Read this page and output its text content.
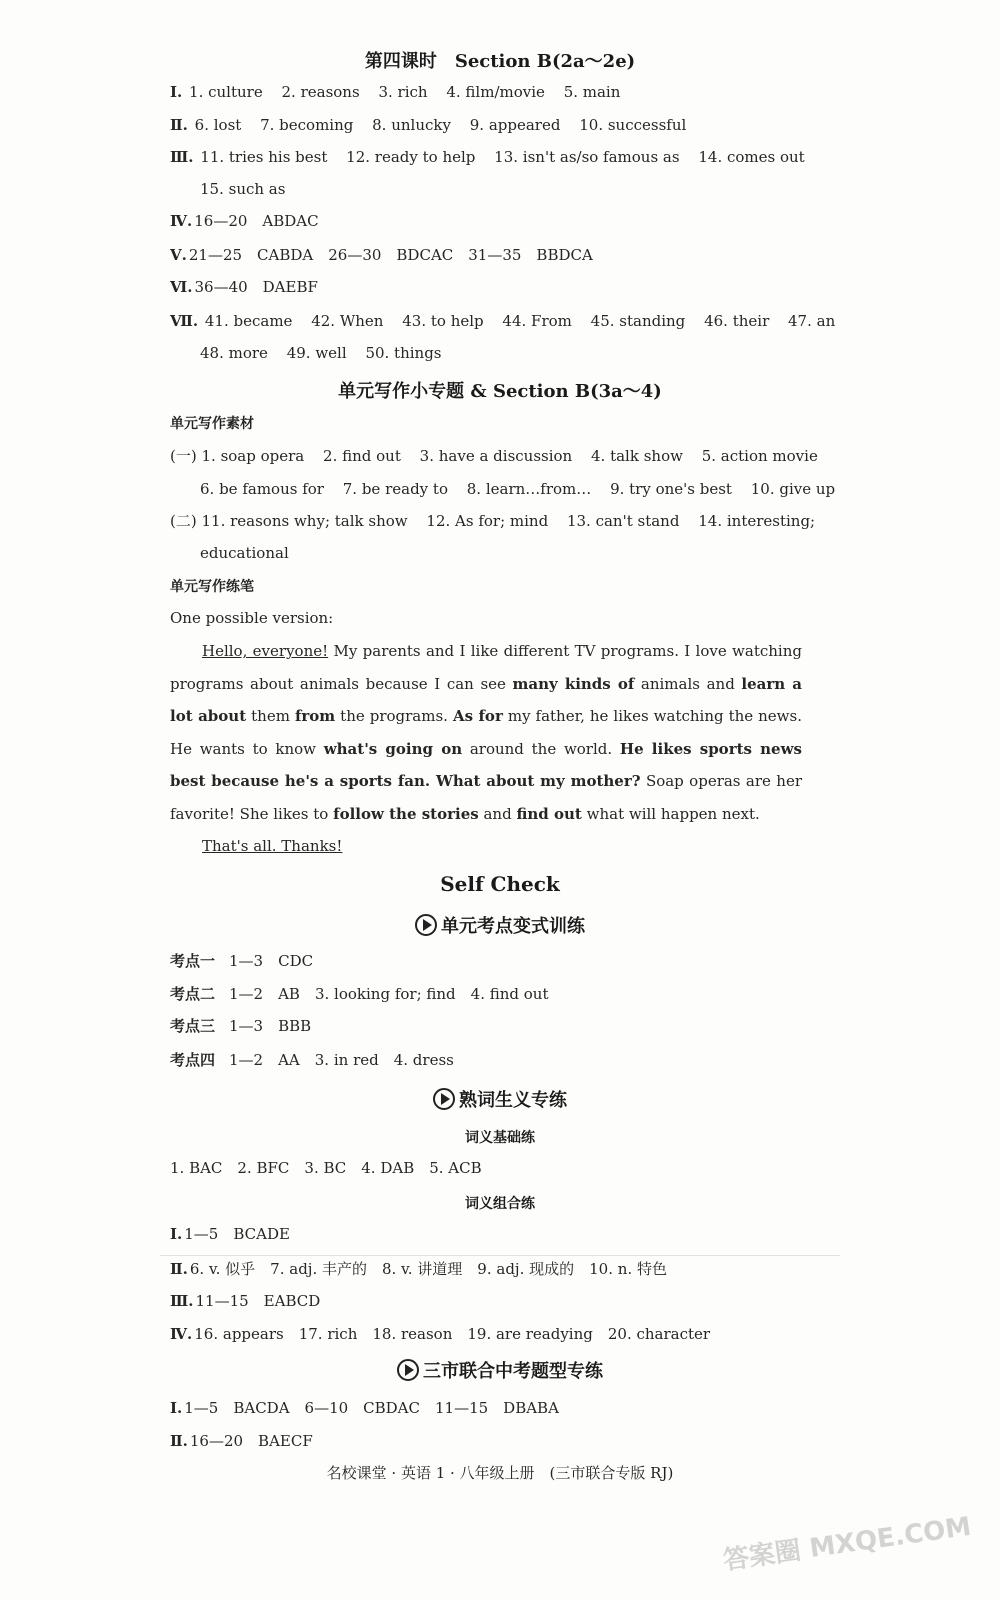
第四课时　Section B(2a～2e)
Ⅰ. 1. culture 2. reasons 3. rich 4. film/movie 5. main
Ⅱ. 6. lost 7. becoming 8. unlucky 9. appeared 10. successful
Ⅲ. 11. tries his best 12. ready to help 13. isn't as/so famous as 14. comes out
15. such as
Ⅳ. 16—20　ABDAC
Ⅴ. 21—25　CABDA　26—30　BDCAC　31—35　BBDCA
Ⅵ. 36—40　DAEBF
Ⅶ. 41. became 42. When 43. to help 44. From 45. standing 46. their 47. an
48. more 49. well 50. things
单元写作小专题 & Section B(3a～4)
单元写作素材
(一) 1. soap opera 2. find out 3. have a discussion 4. talk show 5. action movie
6. be famous for 7. be ready to 8. learn…from… 9. try one's best 10. give up
(二) 11. reasons why; talk show 12. As for; mind 13. can't stand 14. interesting;
educational
单元写作练笔
One possible version:

Hello, everyone! My parents and I like different TV programs. I love watching programs about animals because I can see many kinds of animals and learn a lot about them from the programs. As for my father, he likes watching the news. He wants to know what's going on around the world. He likes sports news best because he's a sports fan. What about my mother? Soap operas are her favorite! She likes to follow the stories and find out what will happen next.

That's all. Thanks!

Self Check
单元考点变式训练
考点一 1—3　CDC
考点二 1—2　AB　3. looking for; find　4. find out
考点三 1—3　BBB
考点四 1—2　AA　3. in red　4. dress
熟词生义专练
词义基础练
1. BAC　2. BFC　3. BC　4. DAB　5. ACB
词义组合练
Ⅰ. 1—5　BCADE
Ⅱ. 6. v. 似乎　7. adj. 丰产的　8. v. 讲道理　9. adj. 现成的　10. n. 特色
Ⅲ. 11—15　EABCD
Ⅳ. 16. appears　17. rich　18. reason　19. are readying　20. character
三市联合中考题型专练
Ⅰ. 1—5　BACDA　6—10　CBDAC　11—15　DBABA
Ⅱ. 16—20　BAECF
名校课堂 · 英语 1 · 八年级上册　(三市联合专版 RJ)
答案圈 MXQE.COM
